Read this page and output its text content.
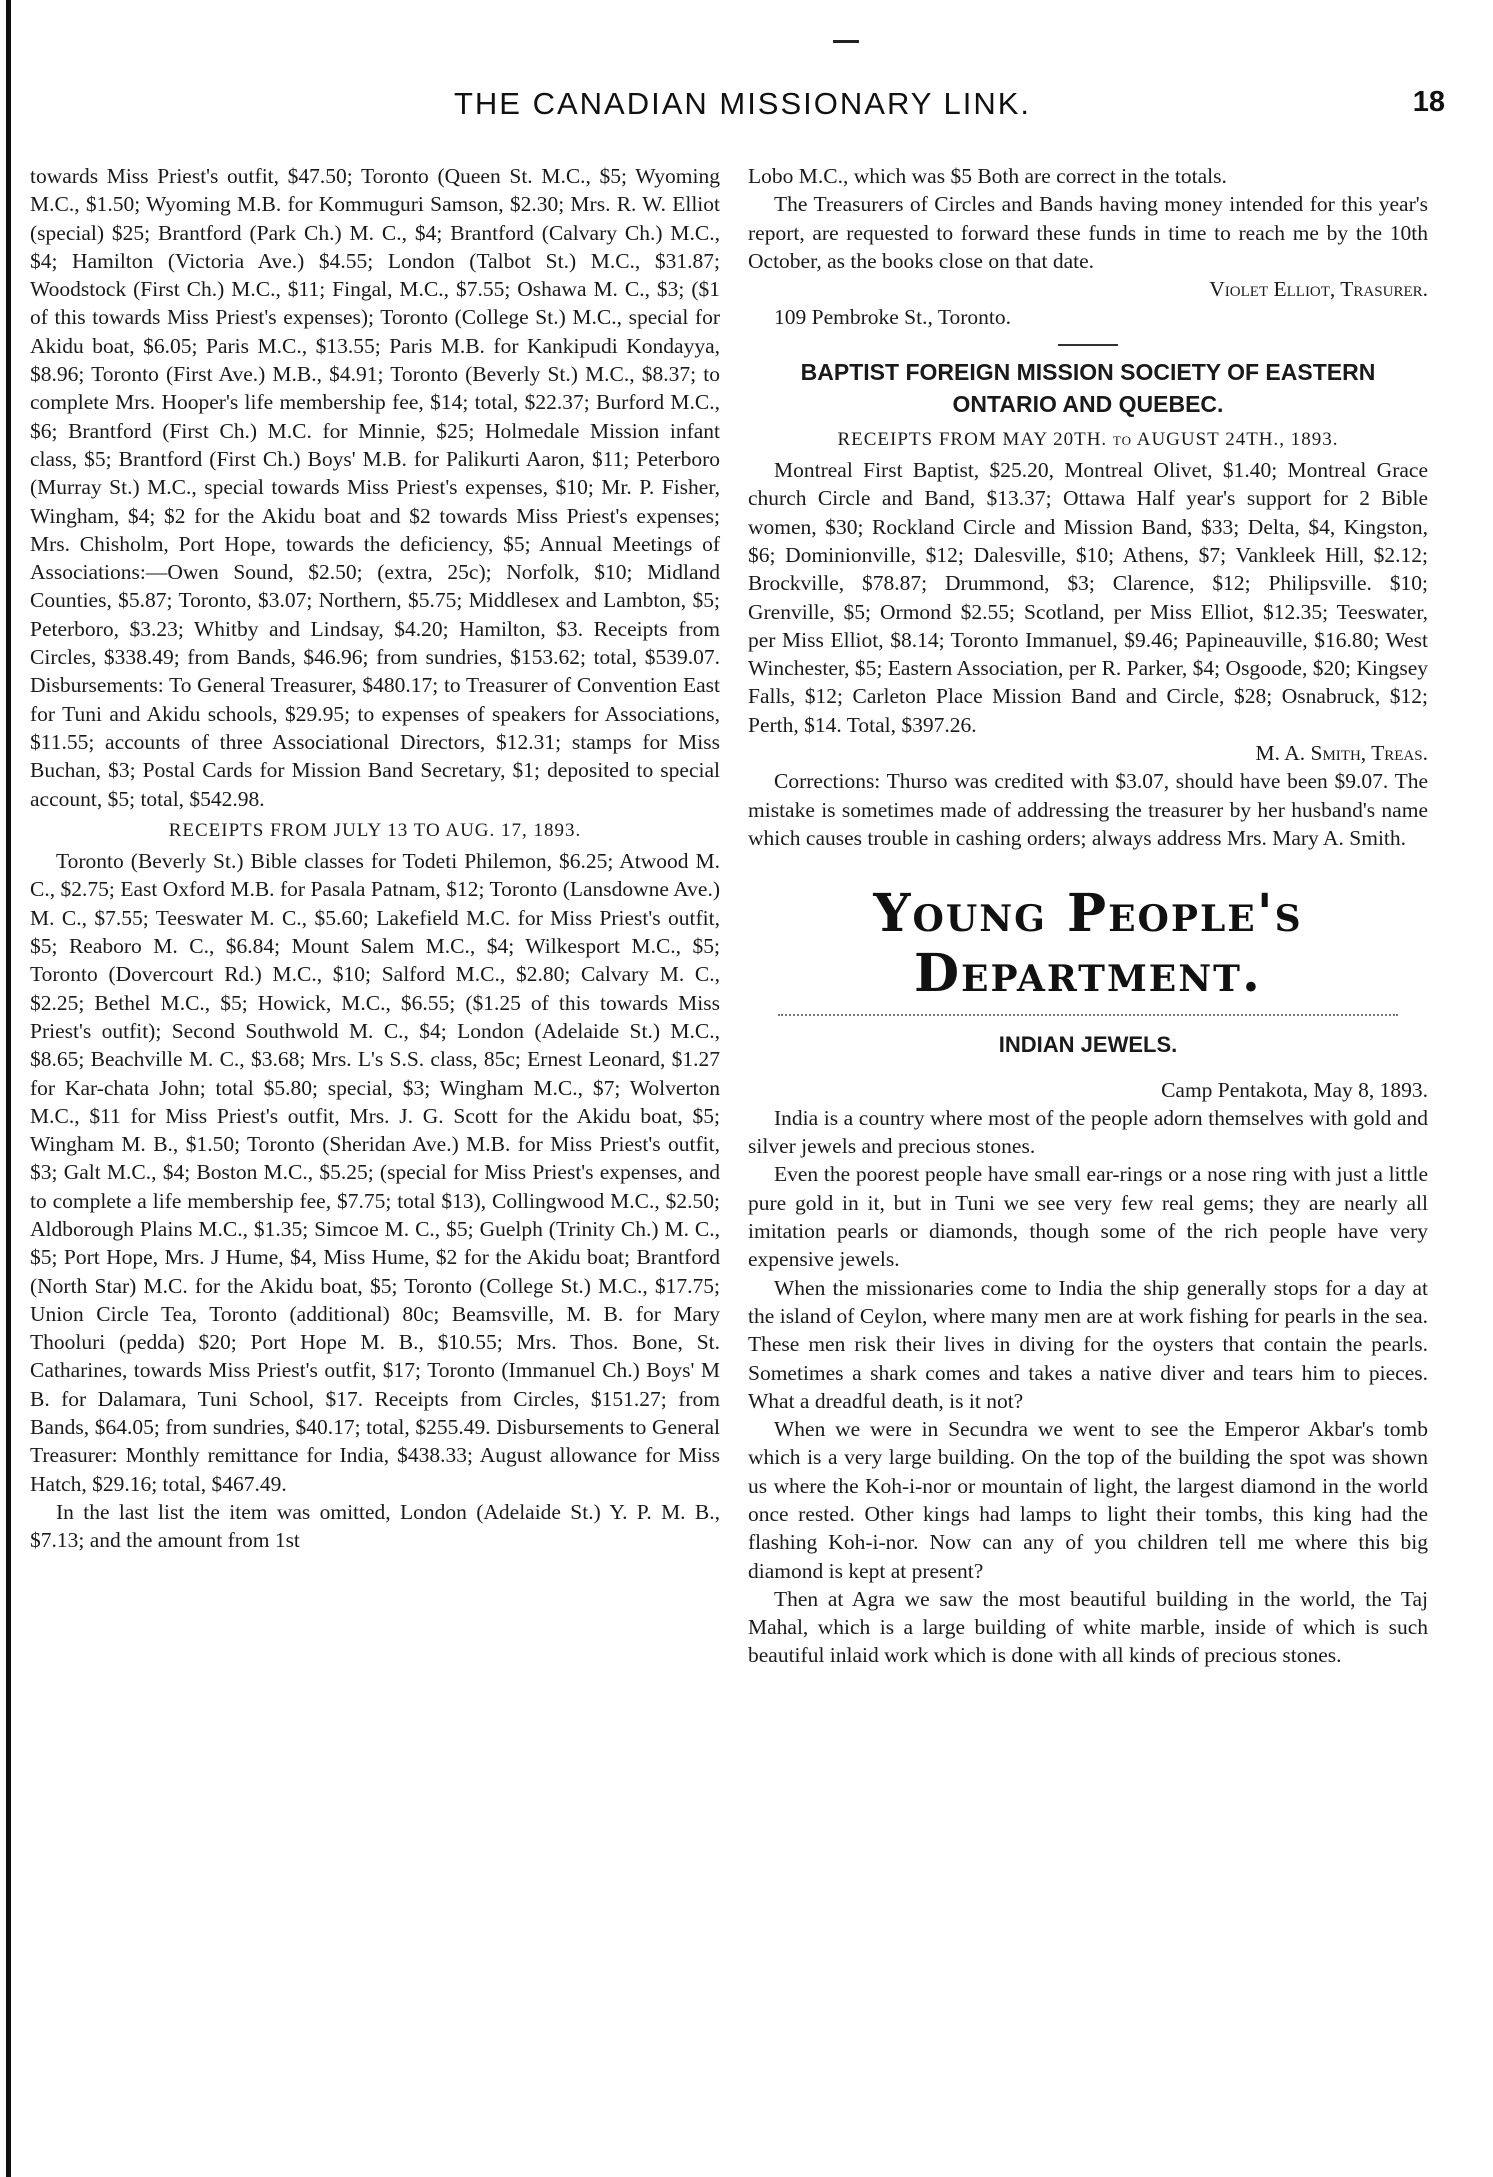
THE CANADIAN MISSIONARY LINK.	18

towards Miss Priest's outfit, $47.50; Toronto (Queen St. M.C., $5; Wyoming M.C., $1.50; Wyoming M.B. for Kommuguri Samson, $2.30; Mrs. R. W. Elliot (special) $25; Brantford (Park Ch.) M. C., $4; Brantford (Calvary Ch.) M.C., $4; Hamilton (Victoria Ave.) $4.55; London (Talbot St.) M.C., $31.87; Woodstock (First Ch.) M.C., $11; Fingal, M.C., $7.55; Oshawa M. C., $3; ($1 of this towards Miss Priest's expenses); Toronto (College St.) M.C., special for Akidu boat, $6.05; Paris M.C., $13.55; Paris M.B. for Kankipudi Kondayya, $8.96; Toronto (First Ave.) M.B., $4.91; Toronto (Beverly St.) M.C., $8.37; to complete Mrs. Hooper's life membership fee, $14; total, $22.37; Burford M.C., $6; Brantford (First Ch.) M.C. for Minnie, $25; Holmedale Mission infant class, $5; Brantford (First Ch.) Boys' M.B. for Palikurti Aaron, $11; Peterboro (Murray St.) M.C., special towards Miss Priest's expenses, $10; Mr. P. Fisher, Wingham, $4; $2 for the Akidu boat and $2 towards Miss Priest's expenses; Mrs. Chisholm, Port Hope, towards the deficiency, $5; Annual Meetings of Associations:—Owen Sound, $2.50; (extra, 25c); Norfolk, $10; Midland Counties, $5.87; Toronto, $3.07; Northern, $5.75; Middlesex and Lambton, $5; Peterboro, $3.23; Whitby and Lindsay, $4.20; Hamilton, $3. Receipts from Circles, $338.49; from Bands, $46.96; from sundries, $153.62; total, $539.07. Disbursements: To General Treasurer, $480.17; to Treasurer of Convention East for Tuni and Akidu schools, $29.95; to expenses of speakers for Associations, $11.55; accounts of three Associational Directors, $12.31; stamps for Miss Buchan, $3; Postal Cards for Mission Band Secretary, $1; deposited to special account, $5; total, $542.98.

RECEIPTS FROM JULY 13 TO AUG. 17, 1893.

Toronto (Beverly St.) Bible classes for Todeti Philemon, $6.25; Atwood M. C., $2.75; East Oxford M.B. for Pasala Patnam, $12; Toronto (Lansdowne Ave.) M. C., $7.55; Teeswater M. C., $5.60; Lakefield M.C. for Miss Priest's outfit, $5; Reaboro M. C., $6.84; Mount Salem M.C., $4; Wilkesport M.C., $5; Toronto (Dovercourt Rd.) M.C., $10; Salford M.C., $2.80; Calvary M. C., $2.25; Bethel M.C., $5; Howick, M.C., $6.55; ($1.25 of this towards Miss Priest's outfit); Second Southwold M. C., $4; London (Adelaide St.) M.C., $8.65; Beachville M. C., $3.68; Mrs. L's S.S. class, 85c; Ernest Leonard, $1.27 for Kar-chata John; total $5.80; special, $3; Wingham M.C., $7; Wolverton M.C., $11 for Miss Priest's outfit, Mrs. J. G. Scott for the Akidu boat, $5; Wingham M. B., $1.50; Toronto (Sheridan Ave.) M.B. for Miss Priest's outfit, $3; Galt M.C., $4; Boston M.C., $5.25; (special for Miss Priest's expenses, and to complete a life membership fee, $7.75; total $13), Collingwood M.C., $2.50; Aldborough Plains M.C., $1.35; Simcoe M. C., $5; Guelph (Trinity Ch.) M. C., $5; Port Hope, Mrs. J Hume, $4, Miss Hume, $2 for the Akidu boat; Brantford (North Star) M.C. for the Akidu boat, $5; Toronto (College St.) M.C., $17.75; Union Circle Tea, Toronto (additional) 80c; Beamsville, M. B. for Mary Thooluri (pedda) $20; Port Hope M. B., $10.55; Mrs. Thos. Bone, St. Catharines, towards Miss Priest's outfit, $17; Toronto (Immanuel Ch.) Boys' M B. for Dalamara, Tuni School, $17. Receipts from Circles, $151.27; from Bands, $64.05; from sundries, $40.17; total, $255.49. Disbursements to General Treasurer: Monthly remittance for India, $438.33; August allowance for Miss Hatch, $29.16; total, $467.49.

In the last list the item was omitted, London (Adelaide St.) Y. P. M. B., $7.13; and the amount from 1st

Lobo M.C., which was $5 Both are correct in the totals.

The Treasurers of Circles and Bands having money intended for this year's report, are requested to forward these funds in time to reach me by the 10th October, as the books close on that date.

Violet Elliot, Trasurer.

109 Pembroke St., Toronto.

BAPTIST FOREIGN MISSION SOCIETY OF EASTERN ONTARIO AND QUEBEC.

RECEIPTS FROM MAY 20TH. to AUGUST 24TH., 1893.

Montreal First Baptist, $25.20, Montreal Olivet, $1.40; Montreal Grace church Circle and Band, $13.37; Ottawa Half year's support for 2 Bible women, $30; Rockland Circle and Mission Band, $33; Delta, $4, Kingston, $6; Dominionville, $12; Dalesville, $10; Athens, $7; Vankleek Hill, $2.12; Brockville, $78.87; Drummond, $3; Clarence, $12; Philipsville. $10; Grenville, $5; Ormond $2.55; Scotland, per Miss Elliot, $12.35; Teeswater, per Miss Elliot, $8.14; Toronto Immanuel, $9.46; Papineauville, $16.80; West Winchester, $5; Eastern Association, per R. Parker, $4; Osgoode, $20; Kingsey Falls, $12; Carleton Place Mission Band and Circle, $28; Osnabruck, $12; Perth, $14. Total, $397.26.

M. A. Smith, Treas.

Corrections: Thurso was credited with $3.07, should have been $9.07. The mistake is sometimes made of addressing the treasurer by her husband's name which causes trouble in cashing orders; always address Mrs. Mary A. Smith.

Young People's Department.
INDIAN JEWELS.

Camp Pentakota, May 8, 1893.

India is a country where most of the people adorn themselves with gold and silver jewels and precious stones.

Even the poorest people have small ear-rings or a nose ring with just a little pure gold in it, but in Tuni we see very few real gems; they are nearly all imitation pearls or diamonds, though some of the rich people have very expensive jewels.

When the missionaries come to India the ship generally stops for a day at the island of Ceylon, where many men are at work fishing for pearls in the sea. These men risk their lives in diving for the oysters that contain the pearls. Sometimes a shark comes and takes a native diver and tears him to pieces. What a dreadful death, is it not?

When we were in Secundra we went to see the Emperor Akbar's tomb which is a very large building. On the top of the building the spot was shown us where the Koh-i-nor or mountain of light, the largest diamond in the world once rested. Other kings had lamps to light their tombs, this king had the flashing Koh-i-nor. Now can any of you children tell me where this big diamond is kept at present?

Then at Agra we saw the most beautiful building in the world, the Taj Mahal, which is a large building of white marble, inside of which is such beautiful inlaid work which is done with all kinds of precious stones.
